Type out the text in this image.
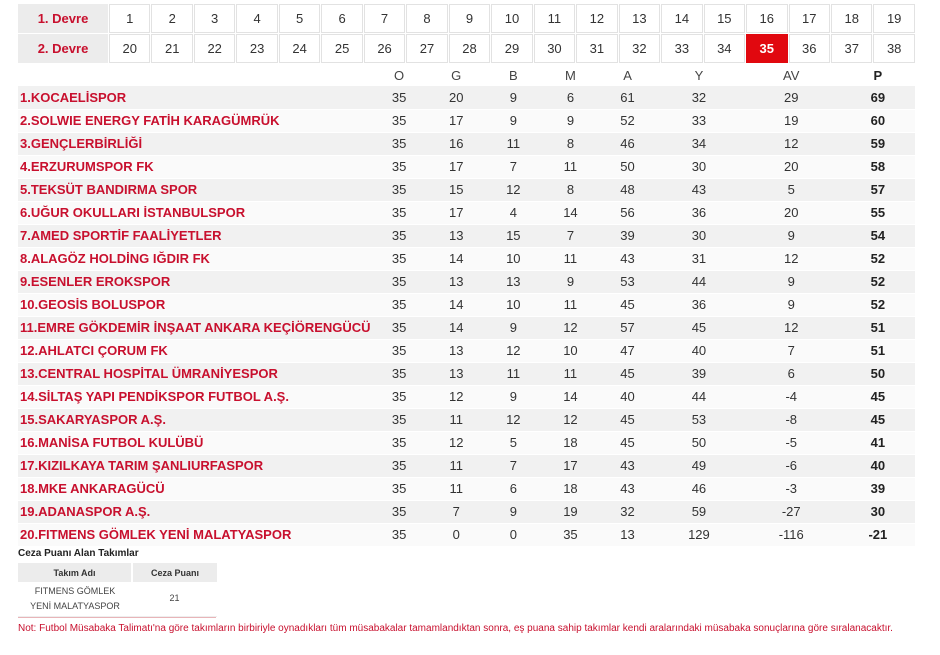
1. Devre	1	2	3	4	5	6	7	8	9	10	11	12	13	14	15	16	17	18	19
2. Devre	20	21	22	23	24	25	26	27	28	29	30	31	32	33	34	35	36	37	38
	O	G	B	M	A	Y	AV	P
1.KOCAELİSPOR	35	20	9	6	61	32	29	69
2.SOLWIE ENERGY FATİH KARAGÜMRÜK	35	17	9	9	52	33	19	60
3.GENÇLERBİRLİĞİ	35	16	11	8	46	34	12	59
4.ERZURUMSPOR FK	35	17	7	11	50	30	20	58
5.TEKSÜT BANDIRMA SPOR	35	15	12	8	48	43	5	57
6.UĞUR OKULLARI İSTANBULSPOR	35	17	4	14	56	36	20	55
7.AMED SPORTİF FAALİYETLER	35	13	15	7	39	30	9	54
8.ALAGÖZ HOLDİNG IĞDIR FK	35	14	10	11	43	31	12	52
9.ESENLER EROKSPOR	35	13	13	9	53	44	9	52
10.GEOSİS BOLUSPOR	35	14	10	11	45	36	9	52
11.EMRE GÖKDEMİR İNŞAAT ANKARA KEÇİÖRENGÜCÜ	35	14	9	12	57	45	12	51
12.AHLATCI ÇORUM FK	35	13	12	10	47	40	7	51
13.CENTRAL HOSPİTAL ÜMRANİYESPOR	35	13	11	11	45	39	6	50
14.SİLTAŞ YAPI PENDİKSPOR FUTBOL A.Ş.	35	12	9	14	40	44	-4	45
15.SAKARYASPOR A.Ş.	35	11	12	12	45	53	-8	45
16.MANİSA FUTBOL KULÜBÜ	35	12	5	18	45	50	-5	41
17.KIZILKAYA TARIM ŞANLIURFASPOR	35	11	7	17	43	49	-6	40
18.MKE ANKARAGÜCÜ	35	11	6	18	43	46	-3	39
19.ADANASPOR A.Ş.	35	7	9	19	32	59	-27	30
20.FITMENS GÖMLEK YENİ MALATYASPOR	35	0	0	35	13	129	-116	-21
Ceza Puanı Alan Takımlar
Takım Adı	Ceza Puanı
FITMENS GÖMLEK YENİ MALATYASPOR	21
Not: Futbol Müsabaka Talimatı'na göre takımların birbiriyle oynadıkları tüm müsabakalar tamamlandıktan sonra, eş puana sahip takımlar kendi aralarındaki müsabaka sonuçlarına göre sıralanacaktır.
